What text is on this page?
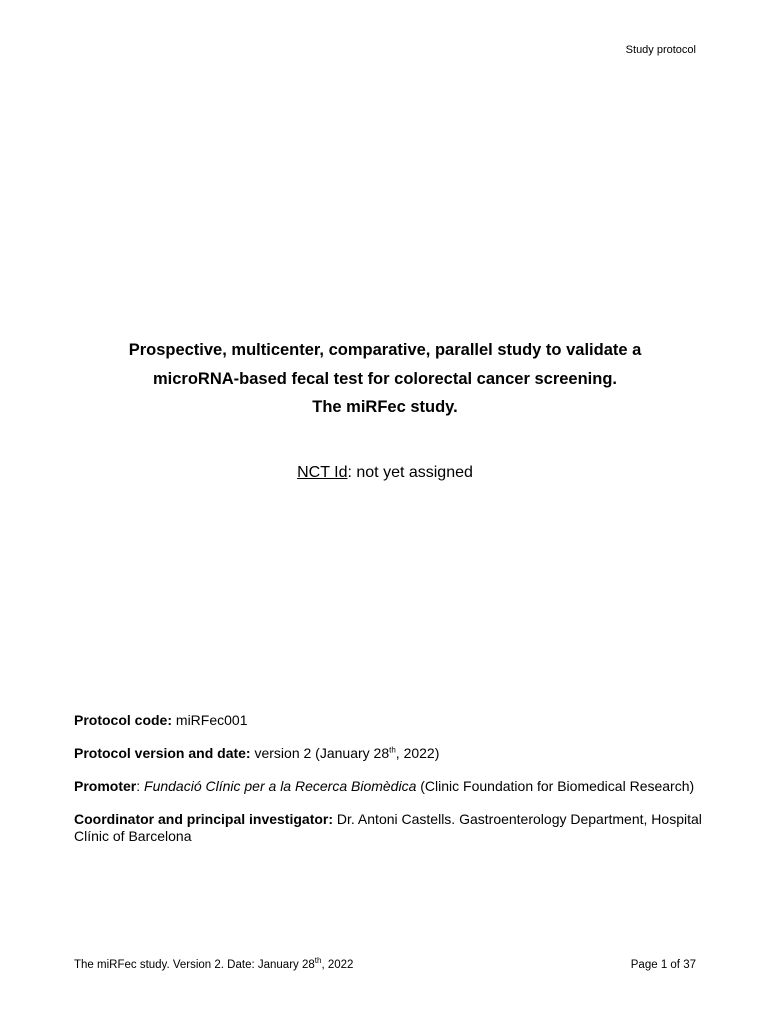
Study protocol
Prospective, multicenter, comparative, parallel study to validate a
microRNA-based fecal test for colorectal cancer screening.
The miRFec study.
NCT Id: not yet assigned

Protocol code: miRFec001

Protocol version and date: version 2 (January 28th, 2022)

Promoter: Fundació Clínic per a la Recerca Biomèdica (Clinic Foundation for Biomedical Research)

Coordinator and principal investigator: Dr. Antoni Castells. Gastroenterology Department, Hospital Clínic of Barcelona

The miRFec study. Version 2. Date: January 28th, 2022	Page 1 of 37
